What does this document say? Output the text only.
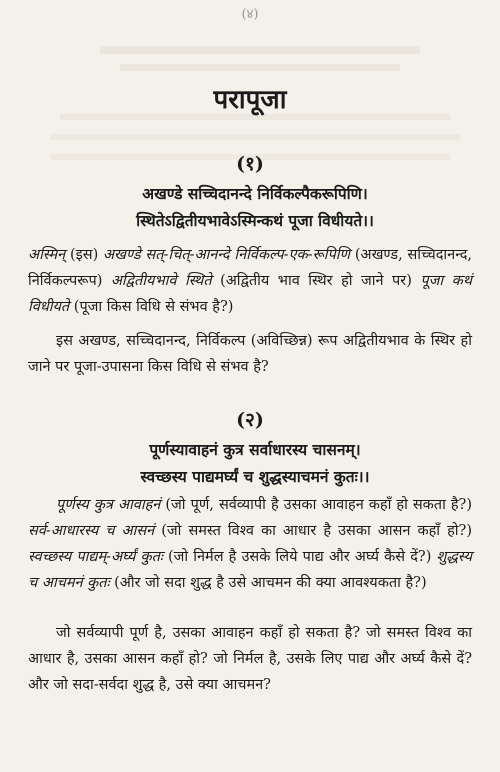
(४)
परापूजा
(१)
अखण्डे सच्चिदानन्दे निर्विकल्पैकरूपिणि।
स्थितेऽद्वितीयभावेऽस्मिन्कथं पूजा विधीयते।।
अस्मिन् (इस) अखण्डे सत्-चित्-आनन्दे निर्विकल्प-एक-रूपिणि (अखण्ड, सच्चिदानन्द, निर्विकल्परूप) अद्वितीयभावे स्थिते (अद्वितीय भाव स्थिर हो जाने पर) पूजा कथं विधीयते (पूजा किस विधि से संभव है?)
इस अखण्ड, सच्चिदानन्द, निर्विकल्प (अविच्छिन्न) रूप अद्वितीयभाव के स्थिर हो जाने पर पूजा-उपासना किस विधि से संभव है?
(२)
पूर्णस्यावाहनं कुत्र सर्वाधारस्य चासनम्।
स्वच्छस्य पाद्यमर्घ्यं च शुद्धस्याचमनं कुतः।।
पूर्णस्य कुत्र आवाहनं (जो पूर्ण, सर्वव्यापी है उसका आवाहन कहाँ हो सकता है?) सर्व-आधारस्य च आसनं (जो समस्त विश्व का आधार है उसका आसन कहाँ हो?) स्वच्छस्य पाद्यम्-अर्घ्यं कुतः (जो निर्मल है उसके लिये पाद्य और अर्घ्य कैसे दें?) शुद्धस्य च आचमनं कुतः (और जो सदा शुद्ध है उसे आचमन की क्या आवश्यकता है?)
जो सर्वव्यापी पूर्ण है, उसका आवाहन कहाँ हो सकता है? जो समस्त विश्व का आधार है, उसका आसन कहाँ हो? जो निर्मल है, उसके लिए पाद्य और अर्घ्य कैसे दें? और जो सदा-सर्वदा शुद्ध है, उसे क्या आचमन?
